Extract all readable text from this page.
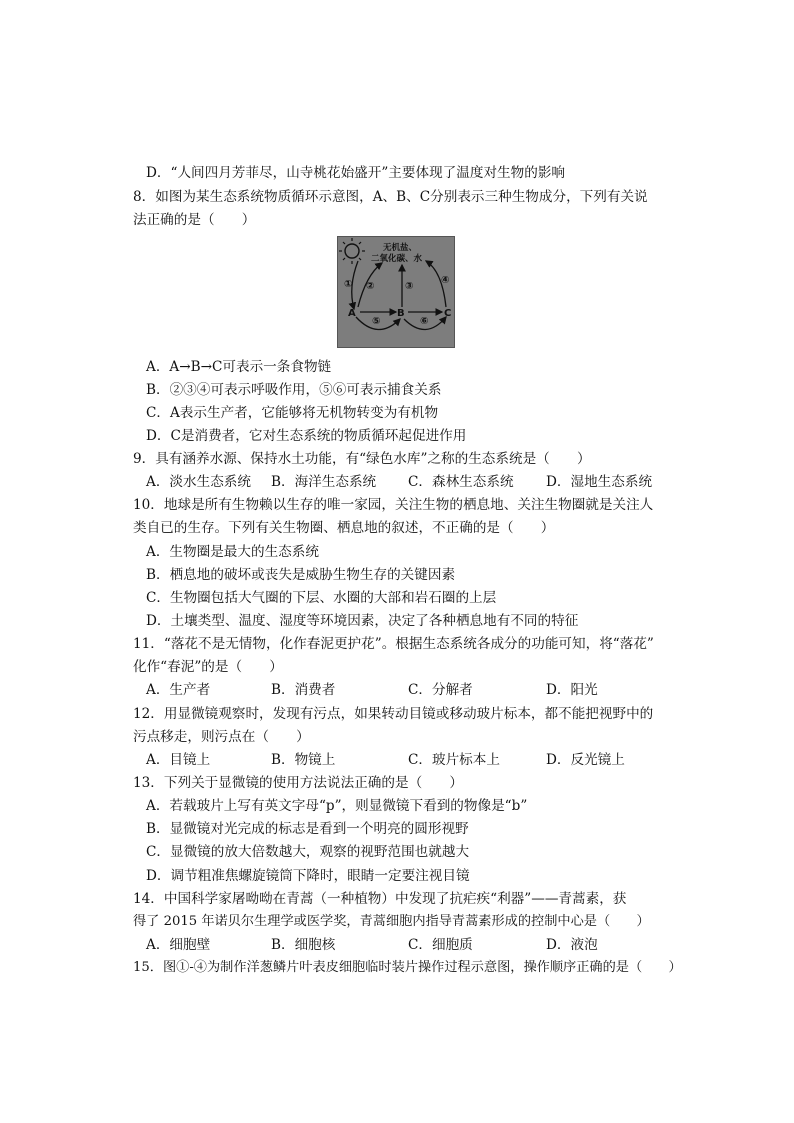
D．“人间四月芳菲尽，山寺桃花始盛开”主要体现了温度对生物的影响
8．如图为某生态系统物质循环示意图，A、B、C分别表示三种生物成分，下列有关说
法正确的是（　　）
无机盐、
二氧化碳、水
A	B	C
① ②	③
④
⑤	⑥
A．A→B→C可表示一条食物链
B．②③④可表示呼吸作用，⑤⑥可表示捕食关系
C．A表示生产者，它能够将无机物转变为有机物
D．C是消费者，它对生态系统的物质循环起促进作用
9．具有涵养水源、保持水土功能，有“绿色水库”之称的生态系统是（　　）
A．淡水生态系统 B．海洋生态系统 C．森林生态系统 D．湿地生态系统
10．地球是所有生物赖以生存的唯一家园，关注生物的栖息地、关注生物圈就是关注人
类自已的生存。下列有关生物圈、栖息地的叙述，不正确的是（　　）
A．生物圈是最大的生态系统
B．栖息地的破坏或丧失是威胁生物生存的关键因素
C．生物圈包括大气圈的下层、水圈的大部和岩石圈的上层
D．土壤类型、温度、湿度等环境因素，决定了各种栖息地有不同的特征
11．“落花不是无情物，化作春泥更护花”。根据生态系统各成分的功能可知，将“落花”
化作“春泥”的是（　　）
A．生产者	B．消费者	C．分解者	D．阳光
12．用显微镜观察时，发现有污点，如果转动目镜或移动玻片标本，都不能把视野中的
污点移走，则污点在（　　）
A．目镜上	B．物镜上	C．玻片标本上	D．反光镜上
13．下列关于显微镜的使用方法说法正确的是（　　）
A．若载玻片上写有英文字母“p”，则显微镜下看到的物像是“b”
B．显微镜对光完成的标志是看到一个明亮的圆形视野
C．显微镜的放大倍数越大，观察的视野范围也就越大
D．调节粗准焦螺旋镜筒下降时，眼睛一定要注视目镜
14．中国科学家屠呦呦在青蒿（一种植物）中发现了抗疟疾“利器”——青蒿素，获
得了 2015 年诺贝尔生理学或医学奖，青蒿细胞内指导青蒿素形成的控制中心是（　　）
A．细胞壁	B．细胞核	C．细胞质	D．液泡
15．图①-④为制作洋葱鳞片叶表皮细胞临时装片操作过程示意图，操作顺序正确的是（　　）
